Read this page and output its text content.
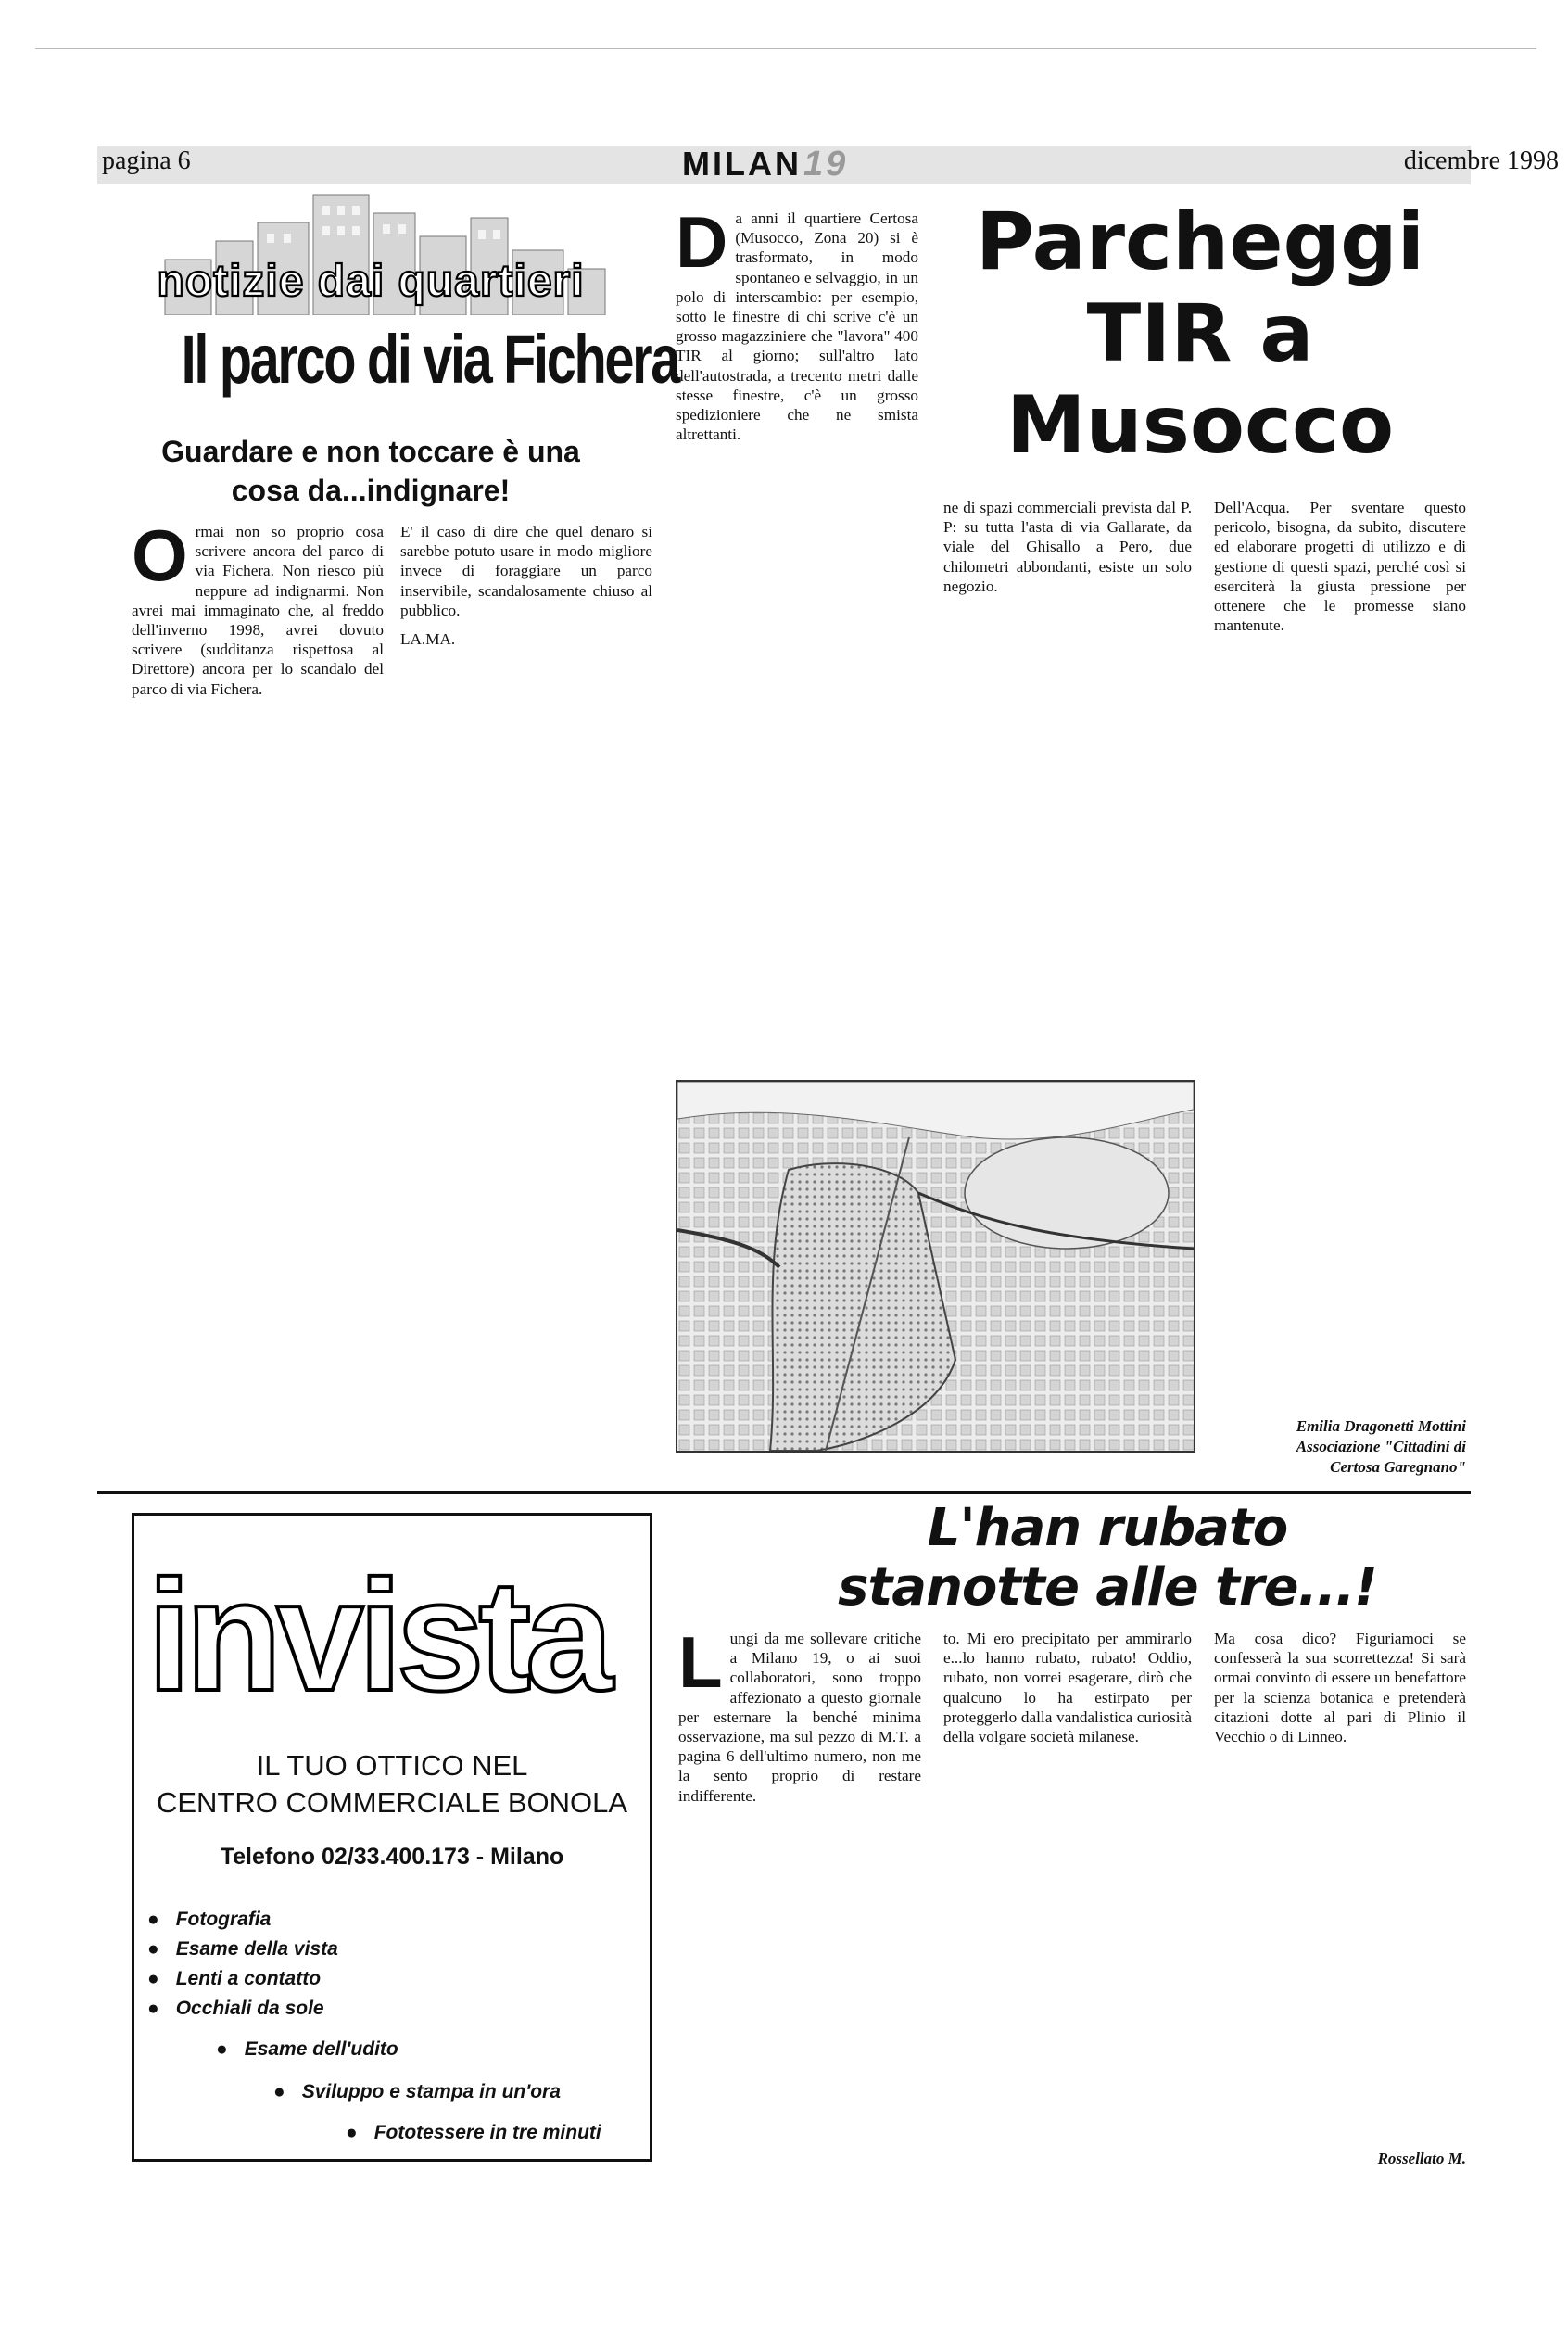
pagina 6	MILAN19	dicembre 1998
notizie dai quartieri
Il parco di via Fichera
Guardare e non toccare è una cosa da...indignare!
O rmai non so proprio cosa scrivere ancora del parco di via Fichera. Non riesco più neppure ad indignarmi. Non avrei mai immaginato che, al freddo dell'inverno 1998, avrei dovuto scrivere (sudditanza rispettosa al Direttore) ancora per lo scandalo del parco di via Fichera.

E' il caso di dire che quel denaro si sarebbe potuto usare in modo migliore invece di foraggiare un parco inservibile, scandalosamente chiuso al pubblico.

LA.MA.

Parcheggi TIR a Musocco
D a anni il quartiere Certosa (Musocco, Zona 20) si è trasformato, in modo spontaneo e selvaggio, in un polo di interscambio: per esempio, sotto le finestre di chi scrive c'è un grosso magazziniere che "lavora" 400 TIR al giorno; sull'altro lato dell'autostrada, a trecento metri dalle stesse finestre, c'è un grosso spedizioniere che ne smista altrettanti.

ne di spazi commerciali prevista dal P. P: su tutta l'asta di via Gallarate, da viale del Ghisallo a Pero, due chilometri abbondanti, esiste un solo negozio.

Dell'Acqua. Per sventare questo pericolo, bisogna, da subito, discutere ed elaborare progetti di utilizzo e di gestione di questi spazi, perché così si eserciterà la giusta pressione per ottenere che le promesse siano mantenute.

Emilia Dragonetti Mottini
Associazione "Cittadini di
Certosa Garegnano"
invista
IL TUO OTTICO NEL
CENTRO COMMERCIALE BONOLA
Telefono 02/33.400.173 - Milano
● Fotografia
● Esame della vista
● Lenti a contatto
● Occhiali da sole
● Esame dell'udito
● Sviluppo e stampa in un'ora
● Fototessere in tre minuti
L'han rubato
stanotte alle tre...!
L ungi da me sollevare critiche a Milano 19, o ai suoi collaboratori, sono troppo affezionato a questo giornale per esternare la benché minima osservazione, ma sul pezzo di M.T. a pagina 6 dell'ultimo numero, non me la sento proprio di restare indifferente.

to. Mi ero precipitato per ammirarlo e...lo hanno rubato, rubato! Oddio, rubato, non vorrei esagerare, dirò che qualcuno lo ha estirpato per proteggerlo dalla vandalistica curiosità della volgare società milanese.

Ma cosa dico? Figuriamoci se confesserà la sua scorrettezza! Si sarà ormai convinto di essere un benefattore per la scienza botanica e pretenderà citazioni dotte al pari di Plinio il Vecchio o di Linneo.

Rossellato M.
